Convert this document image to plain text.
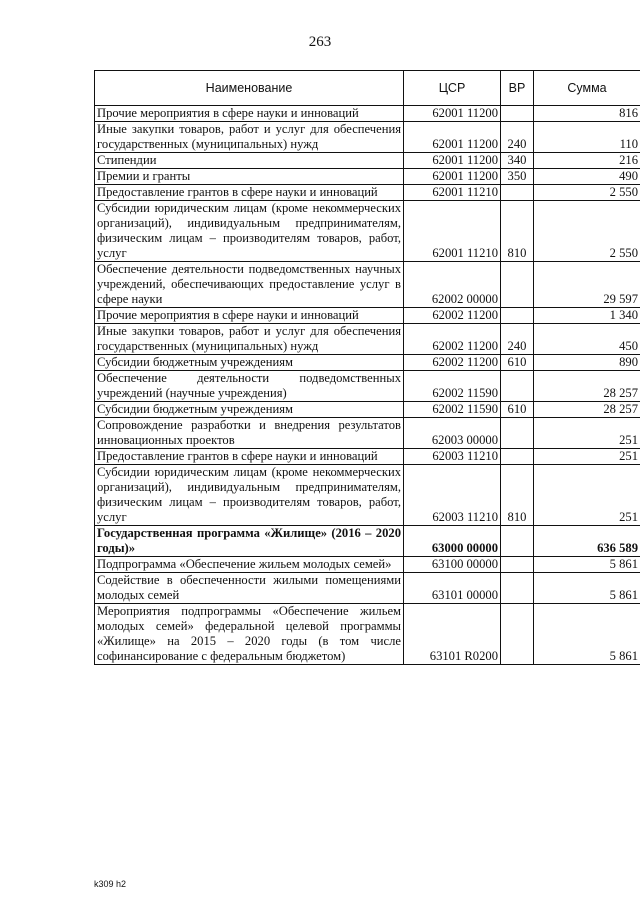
263
Наименование	ЦСР	ВР	Сумма
Прочие мероприятия в сфере науки и инноваций	62001 11200		816
Иные закупки товаров, работ и услуг для обеспечения государственных (муниципальных) нужд	62001 11200	240	110
Стипендии	62001 11200	340	216
Премии и гранты	62001 11200	350	490
Предоставление грантов в сфере науки и инноваций	62001 11210		2 550
Субсидии юридическим лицам (кроме некоммерческих организаций), индивидуальным предпринимателям, физическим лицам – производителям товаров, работ, услуг	62001 11210	810	2 550
Обеспечение деятельности подведомственных научных учреждений, обеспечивающих предоставление услуг в сфере науки	62002 00000		29 597
Прочие мероприятия в сфере науки и инноваций	62002 11200		1 340
Иные закупки товаров, работ и услуг для обеспечения государственных (муниципальных) нужд	62002 11200	240	450
Субсидии бюджетным учреждениям	62002 11200	610	890
Обеспечение деятельности подведомственных учреждений (научные учреждения)	62002 11590		28 257
Субсидии бюджетным учреждениям	62002 11590	610	28 257
Сопровождение разработки и внедрения результатов инновационных проектов	62003 00000		251
Предоставление грантов в сфере науки и инноваций	62003 11210		251
Субсидии юридическим лицам (кроме некоммерческих организаций), индивидуальным предпринимателям, физическим лицам – производителям товаров, работ, услуг	62003 11210	810	251
Государственная программа «Жилище» (2016 – 2020 годы)»	63000 00000		636 589
Подпрограмма «Обеспечение жильем молодых семей»	63100 00000		5 861
Содействие в обеспеченности жилыми помещениями молодых семей	63101 00000		5 861
Мероприятия подпрограммы «Обеспечение жильем молодых семей» федеральной целевой программы «Жилище» на 2015 – 2020 годы (в том числе софинансирование с федеральным бюджетом)	63101 R0200		5 861
k309 h2
